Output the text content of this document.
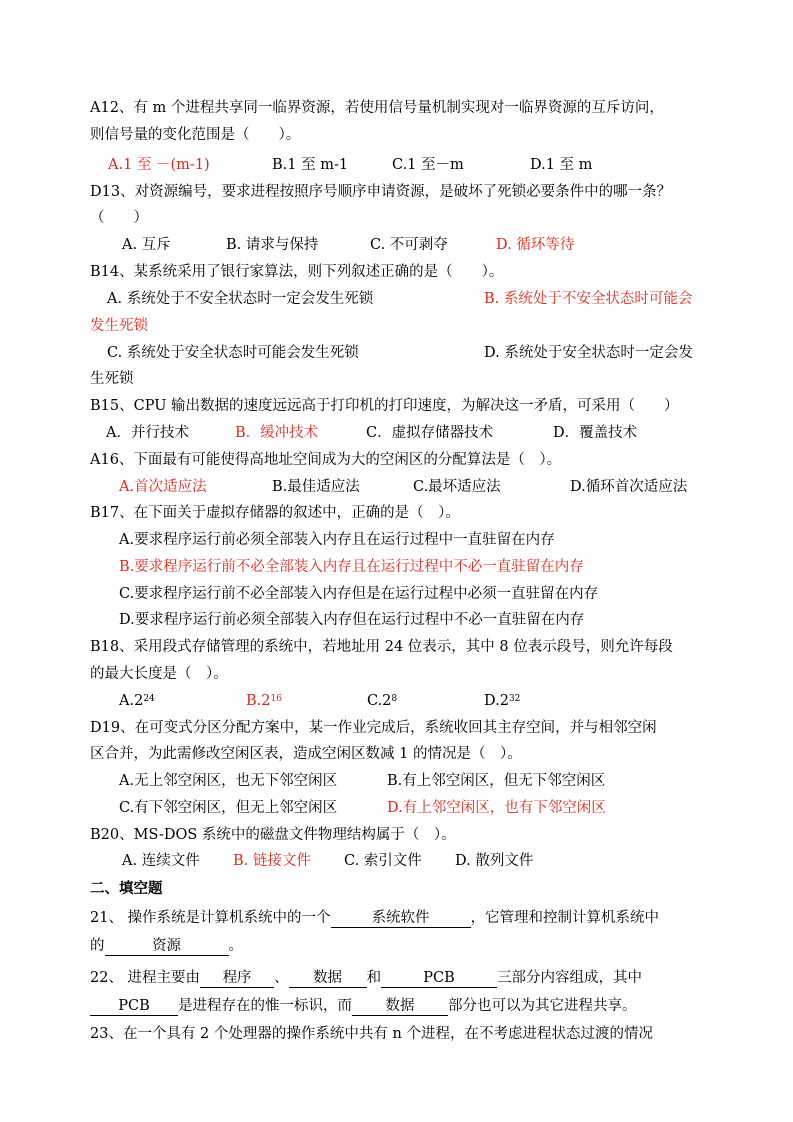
A12、有 m 个进程共享同一临界资源，若使用信号量机制实现对一临界资源的互斥访问，
则信号量的变化范围是（　　）。
A.1 至 －(m-1)	B.1 至 m-1	C.1 至－m	D.1 至 m
D13、对资源编号，要求进程按照序号顺序申请资源，是破坏了死锁必要条件中的哪一条？
（　　）
A. 互斥	B. 请求与保持	C. 不可剥夺	D. 循环等待
B14、某系统采用了银行家算法，则下列叙述正确的是（　　）。
A. 系统处于不安全状态时一定会发生死锁	B. 系统处于不安全状态时可能会
发生死锁
C. 系统处于安全状态时可能会发生死锁	D. 系统处于安全状态时一定会发
生死锁
B15、CPU 输出数据的速度远远高于打印机的打印速度，为解决这一矛盾，可采用（　　）
A．并行技术	B．缓冲技术	C．虚拟存储器技术	D．覆盖技术
A16、下面最有可能使得高地址空间成为大的空闲区的分配算法是（　）。
A.首次适应法	B.最佳适应法	C.最坏适应法	D.循环首次适应法
B17、在下面关于虚拟存储器的叙述中，正确的是（　）。
A.要求程序运行前必须全部装入内存且在运行过程中一直驻留在内存
B.要求程序运行前不必全部装入内存且在运行过程中不必一直驻留在内存
C.要求程序运行前不必全部装入内存但是在运行过程中必须一直驻留在内存
D.要求程序运行前必须全部装入内存但在运行过程中不必一直驻留在内存
B18、采用段式存储管理的系统中，若地址用 24 位表示，其中 8 位表示段号，则允许每段
的最大长度是（　）。
$A.2^{24}$	$B.2^{16}$	$C.2^8$	$D.2^{32}$
D19、在可变式分区分配方案中，某一作业完成后，系统收回其主存空间，并与相邻空闲
区合并，为此需修改空闲区表，造成空闲区数减 1 的情况是（　）。
A.无上邻空闲区，也无下邻空闲区	B.有上邻空闲区，但无下邻空闲区
C.有下邻空闲区，但无上邻空闲区	D.有上邻空闲区，也有下邻空闲区
B20、MS-DOS 系统中的磁盘文件物理结构属于（　）。
A. 连续文件 B. 链接文件 C. 索引文件 D. 散列文件
二、填空题
21、 操作系统是计算机系统中的一个	系统软件	，它管理和控制计算机系统中
的	资源	。
22、 进程主要由 程序 、 数据 和	PCB	三部分内容组成，其中
PCB 是进程存在的惟一标识，而 数据 部分也可以为其它进程共享。
23、在一个具有 2 个处理器的操作系统中共有 n 个进程，在不考虑进程状态过渡的情况
